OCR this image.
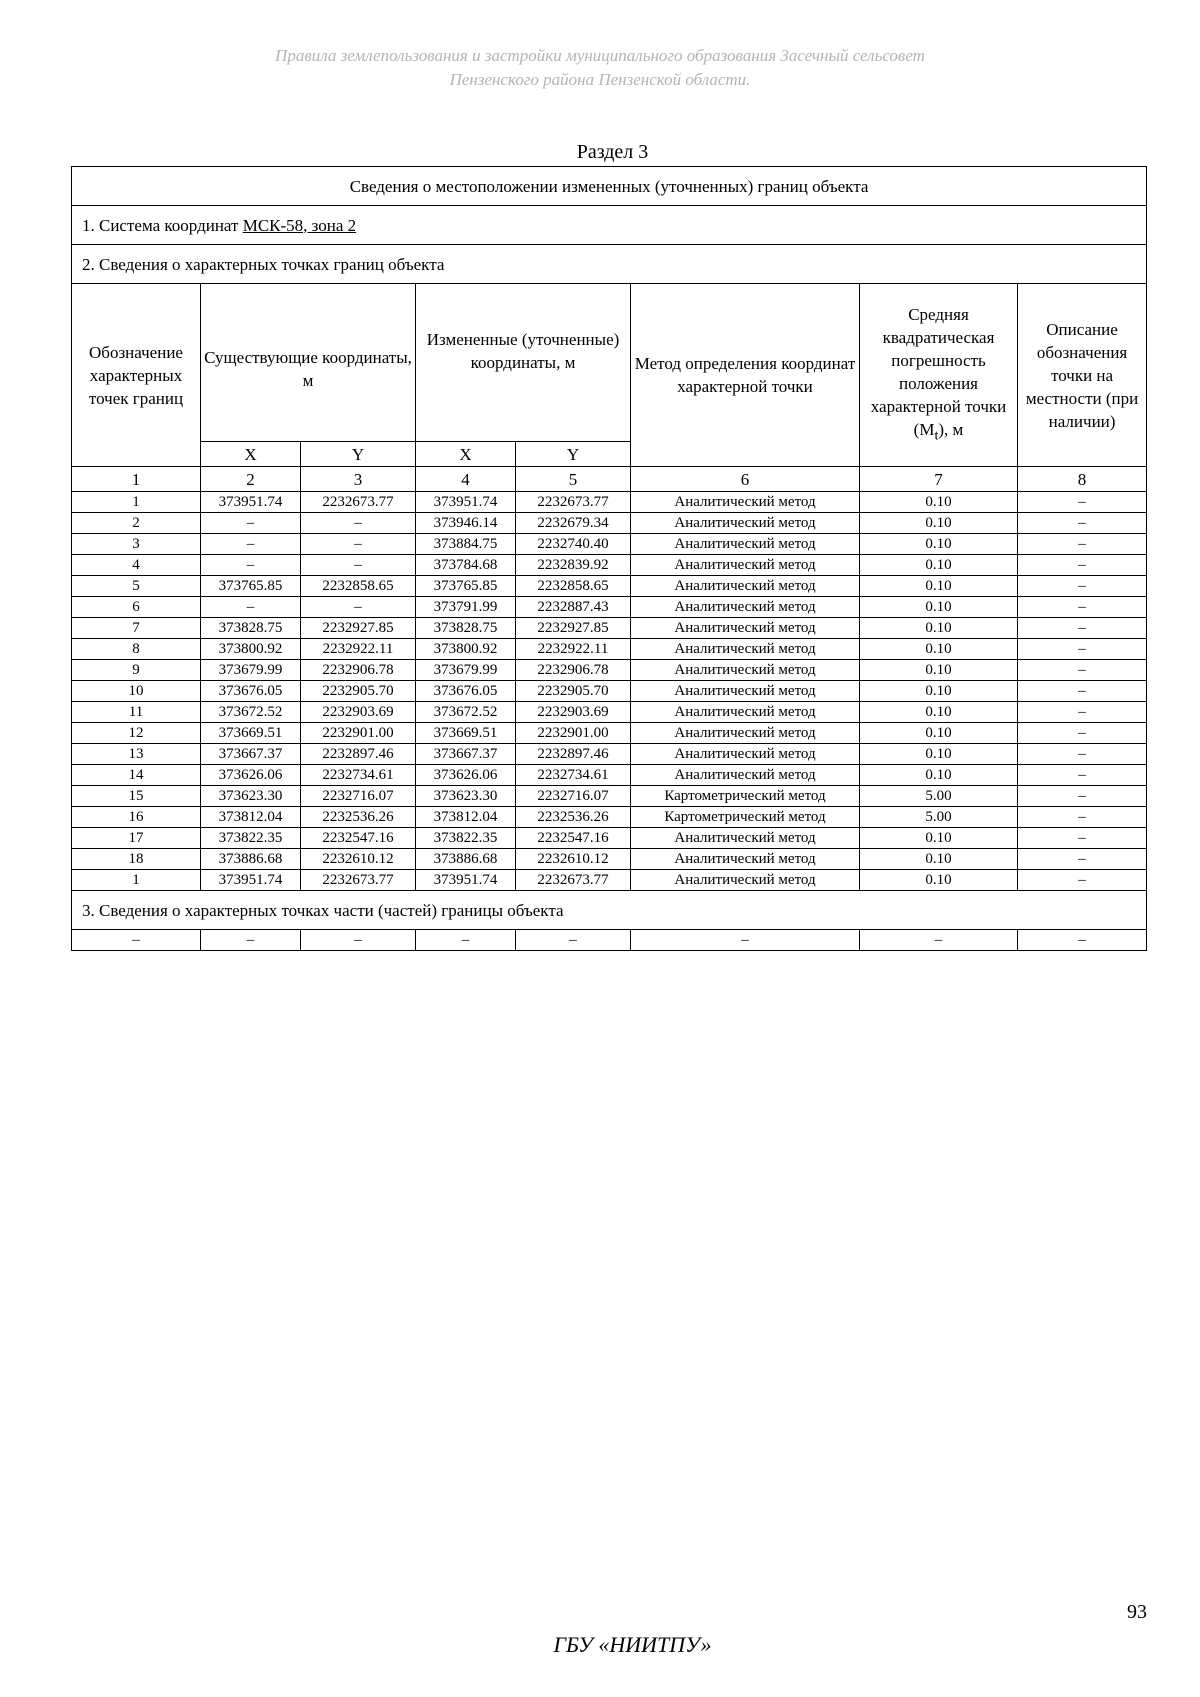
Правила землепользования и застройки муниципального образования Засечный сельсовет
Пензенского района Пензенской области.
Раздел 3
Сведения о местоположении измененных (уточненных) границ объекта							
1. Система координат МСК-58, зона 2							
2. Сведения о характерных точках границ объекта							
Обозначение характерных точек границ	Существующие координаты, м		Измененные (уточненные) координаты, м		Метод определения координат характерной точки	Средняя квадратическая погрешность положения характерной точки $(M_t)$, м	Описание обозначения точки на местности (при наличии)
	X	Y	X	Y			
1	2	3	4	5	6	7	8
1	373951.74	2232673.77	373951.74	2232673.77	Аналитический метод	0.10	–
2	–	–	373946.14	2232679.34	Аналитический метод	0.10	–
3	–	–	373884.75	2232740.40	Аналитический метод	0.10	–
4	–	–	373784.68	2232839.92	Аналитический метод	0.10	–
5	373765.85	2232858.65	373765.85	2232858.65	Аналитический метод	0.10	–
6	–	–	373791.99	2232887.43	Аналитический метод	0.10	–
7	373828.75	2232927.85	373828.75	2232927.85	Аналитический метод	0.10	–
8	373800.92	2232922.11	373800.92	2232922.11	Аналитический метод	0.10	–
9	373679.99	2232906.78	373679.99	2232906.78	Аналитический метод	0.10	–
10	373676.05	2232905.70	373676.05	2232905.70	Аналитический метод	0.10	–
11	373672.52	2232903.69	373672.52	2232903.69	Аналитический метод	0.10	–
12	373669.51	2232901.00	373669.51	2232901.00	Аналитический метод	0.10	–
13	373667.37	2232897.46	373667.37	2232897.46	Аналитический метод	0.10	–
14	373626.06	2232734.61	373626.06	2232734.61	Аналитический метод	0.10	–
15	373623.30	2232716.07	373623.30	2232716.07	Картометрический метод	5.00	–
16	373812.04	2232536.26	373812.04	2232536.26	Картометрический метод	5.00	–
17	373822.35	2232547.16	373822.35	2232547.16	Аналитический метод	0.10	–
18	373886.68	2232610.12	373886.68	2232610.12	Аналитический метод	0.10	–
1	373951.74	2232673.77	373951.74	2232673.77	Аналитический метод	0.10	–
3. Сведения о характерных точках части (частей) границы объекта							
–	–	–	–	–	–	–	–
93
ГБУ «НИИТПУ»
